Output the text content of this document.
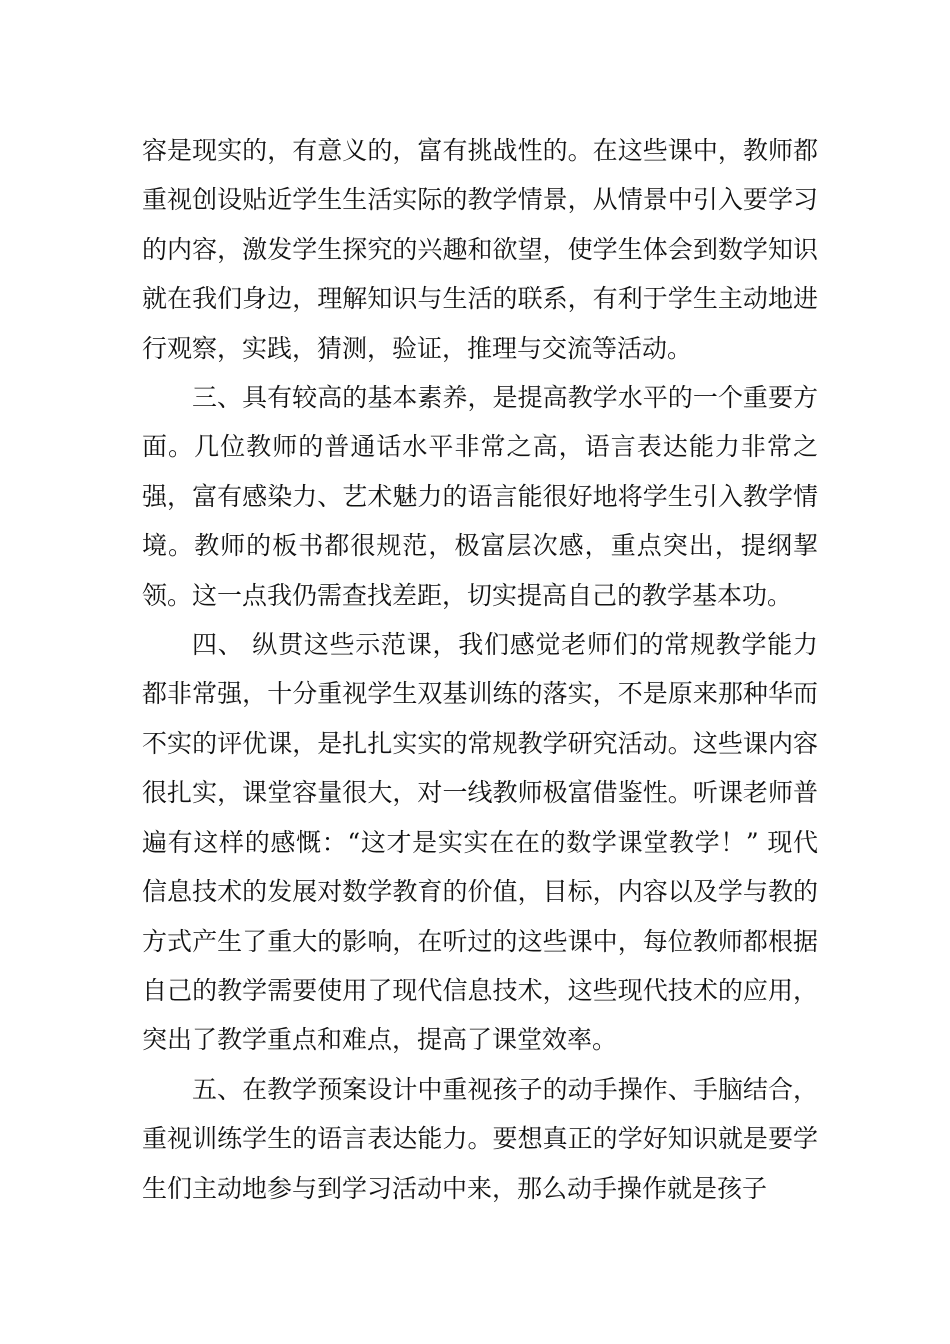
容是现实的，有意义的，富有挑战性的。在这些课中，教师都重视创设贴近学生生活实际的教学情景，从情景中引入要学习的内容，激发学生探究的兴趣和欲望，使学生体会到数学知识就在我们身边，理解知识与生活的联系，有利于学生主动地进行观察，实践，猜测，验证，推理与交流等活动。

三、具有较高的基本素养，是提高教学水平的一个重要方面。几位教师的普通话水平非常之高，语言表达能力非常之强，富有感染力、艺术魅力的语言能很好地将学生引入教学情境。教师的板书都很规范，极富层次感，重点突出，提纲挈领。这一点我仍需查找差距，切实提高自己的教学基本功。

四、 纵贯这些示范课，我们感觉老师们的常规教学能力都非常强，十分重视学生双基训练的落实，不是原来那种华而不实的评优课，是扎扎实实的常规教学研究活动。这些课内容很扎实，课堂容量很大，对一线教师极富借鉴性。听课老师普遍有这样的感慨：“这才是实实在在的数学课堂教学！” 现代信息技术的发展对数学教育的价值，目标，内容以及学与教的方式产生了重大的影响，在听过的这些课中，每位教师都根据自己的教学需要使用了现代信息技术，这些现代技术的应用，突出了教学重点和难点，提高了课堂效率。

五、在教学预案设计中重视孩子的动手操作、手脑结合，重视训练学生的语言表达能力。要想真正的学好知识就是要学生们主动地参与到学习活动中来，那么动手操作就是孩子
